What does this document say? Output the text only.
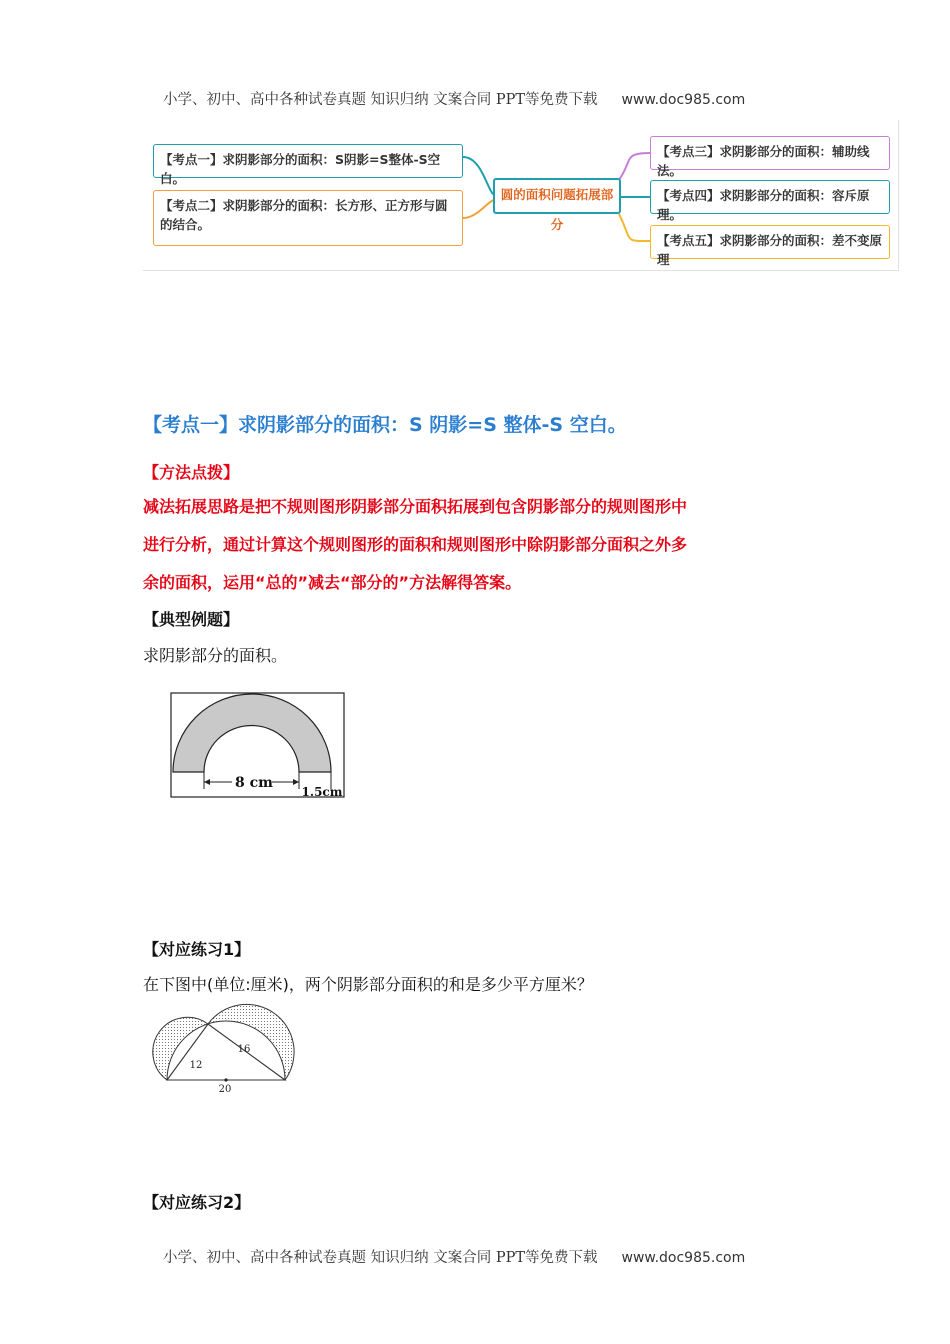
小学、初中、高中各种试卷真题 知识归纳 文案合同 PPT等免费下载 www.doc985.com
【考点一】求阴影部分的面积：S阴影=S整体-S空白。
【考点二】求阴影部分的面积：长方形、正方形与圆的结合。
圆的面积问题拓展部分
【考点三】求阴影部分的面积：辅助线法。
【考点四】求阴影部分的面积：容斥原理。
【考点五】求阴影部分的面积：差不变原理
【考点一】求阴影部分的面积：S 阴影=S 整体-S 空白。
【方法点拨】
减法拓展思路是把不规则图形阴影部分面积拓展到包含阴影部分的规则图形中
进行分析，通过计算这个规则图形的面积和规则图形中除阴影部分面积之外多
余的面积，运用“总的”减去“部分的”方法解得答案。
【典型例题】
求阴影部分的面积。
8 cm
1.5cm
【对应练习1】
在下图中(单位:厘米)，两个阴影部分面积的和是多少平方厘米？
12
16
20
【对应练习2】
小学、初中、高中各种试卷真题 知识归纳 文案合同 PPT等免费下载 www.doc985.com
